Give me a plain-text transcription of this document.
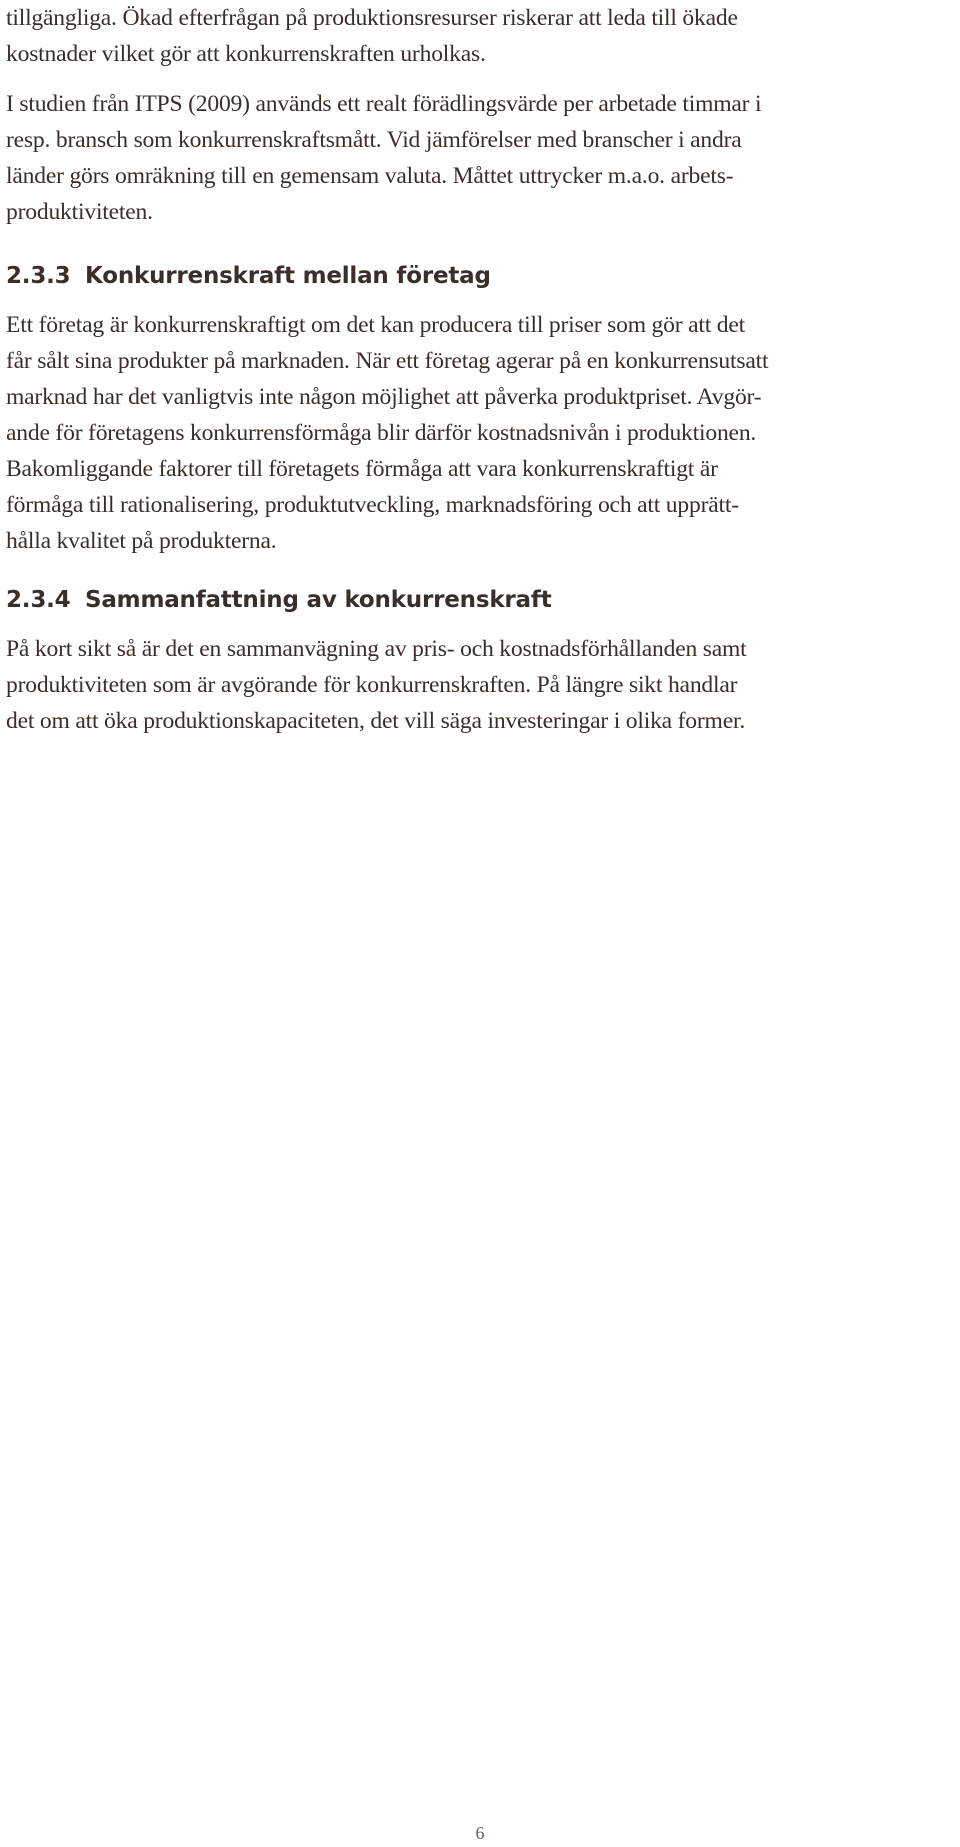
tillgängliga. Ökad efterfrågan på produktionsresurser riskerar att leda till ökade
kostnader vilket gör att konkurrenskraften urholkas.

I studien från ITPS (2009) används ett realt förädlingsvärde per arbetade timmar i
resp. bransch som konkurrenskraftsmått. Vid jämförelser med branscher i andra
länder görs omräkning till en gemensam valuta. Måttet uttrycker m.a.o. arbets-
produktiviteten.

2.3.3 Konkurrenskraft mellan företag

Ett företag är konkurrenskraftigt om det kan producera till priser som gör att det
får sålt sina produkter på marknaden. När ett företag agerar på en konkurrensutsatt
marknad har det vanligtvis inte någon möjlighet att påverka produktpriset. Avgör-
ande för företagens konkurrensförmåga blir därför kostnadsnivån i produktionen.
Bakomliggande faktorer till företagets förmåga att vara konkurrenskraftigt är
förmåga till rationalisering, produktutveckling, marknadsföring och att upprätt-
hålla kvalitet på produkterna.

2.3.4 Sammanfattning av konkurrenskraft

På kort sikt så är det en sammanvägning av pris- och kostnadsförhållanden samt
produktiviteten som är avgörande för konkurrenskraften. På längre sikt handlar
det om att öka produktionskapaciteten, det vill säga investeringar i olika former.

6
